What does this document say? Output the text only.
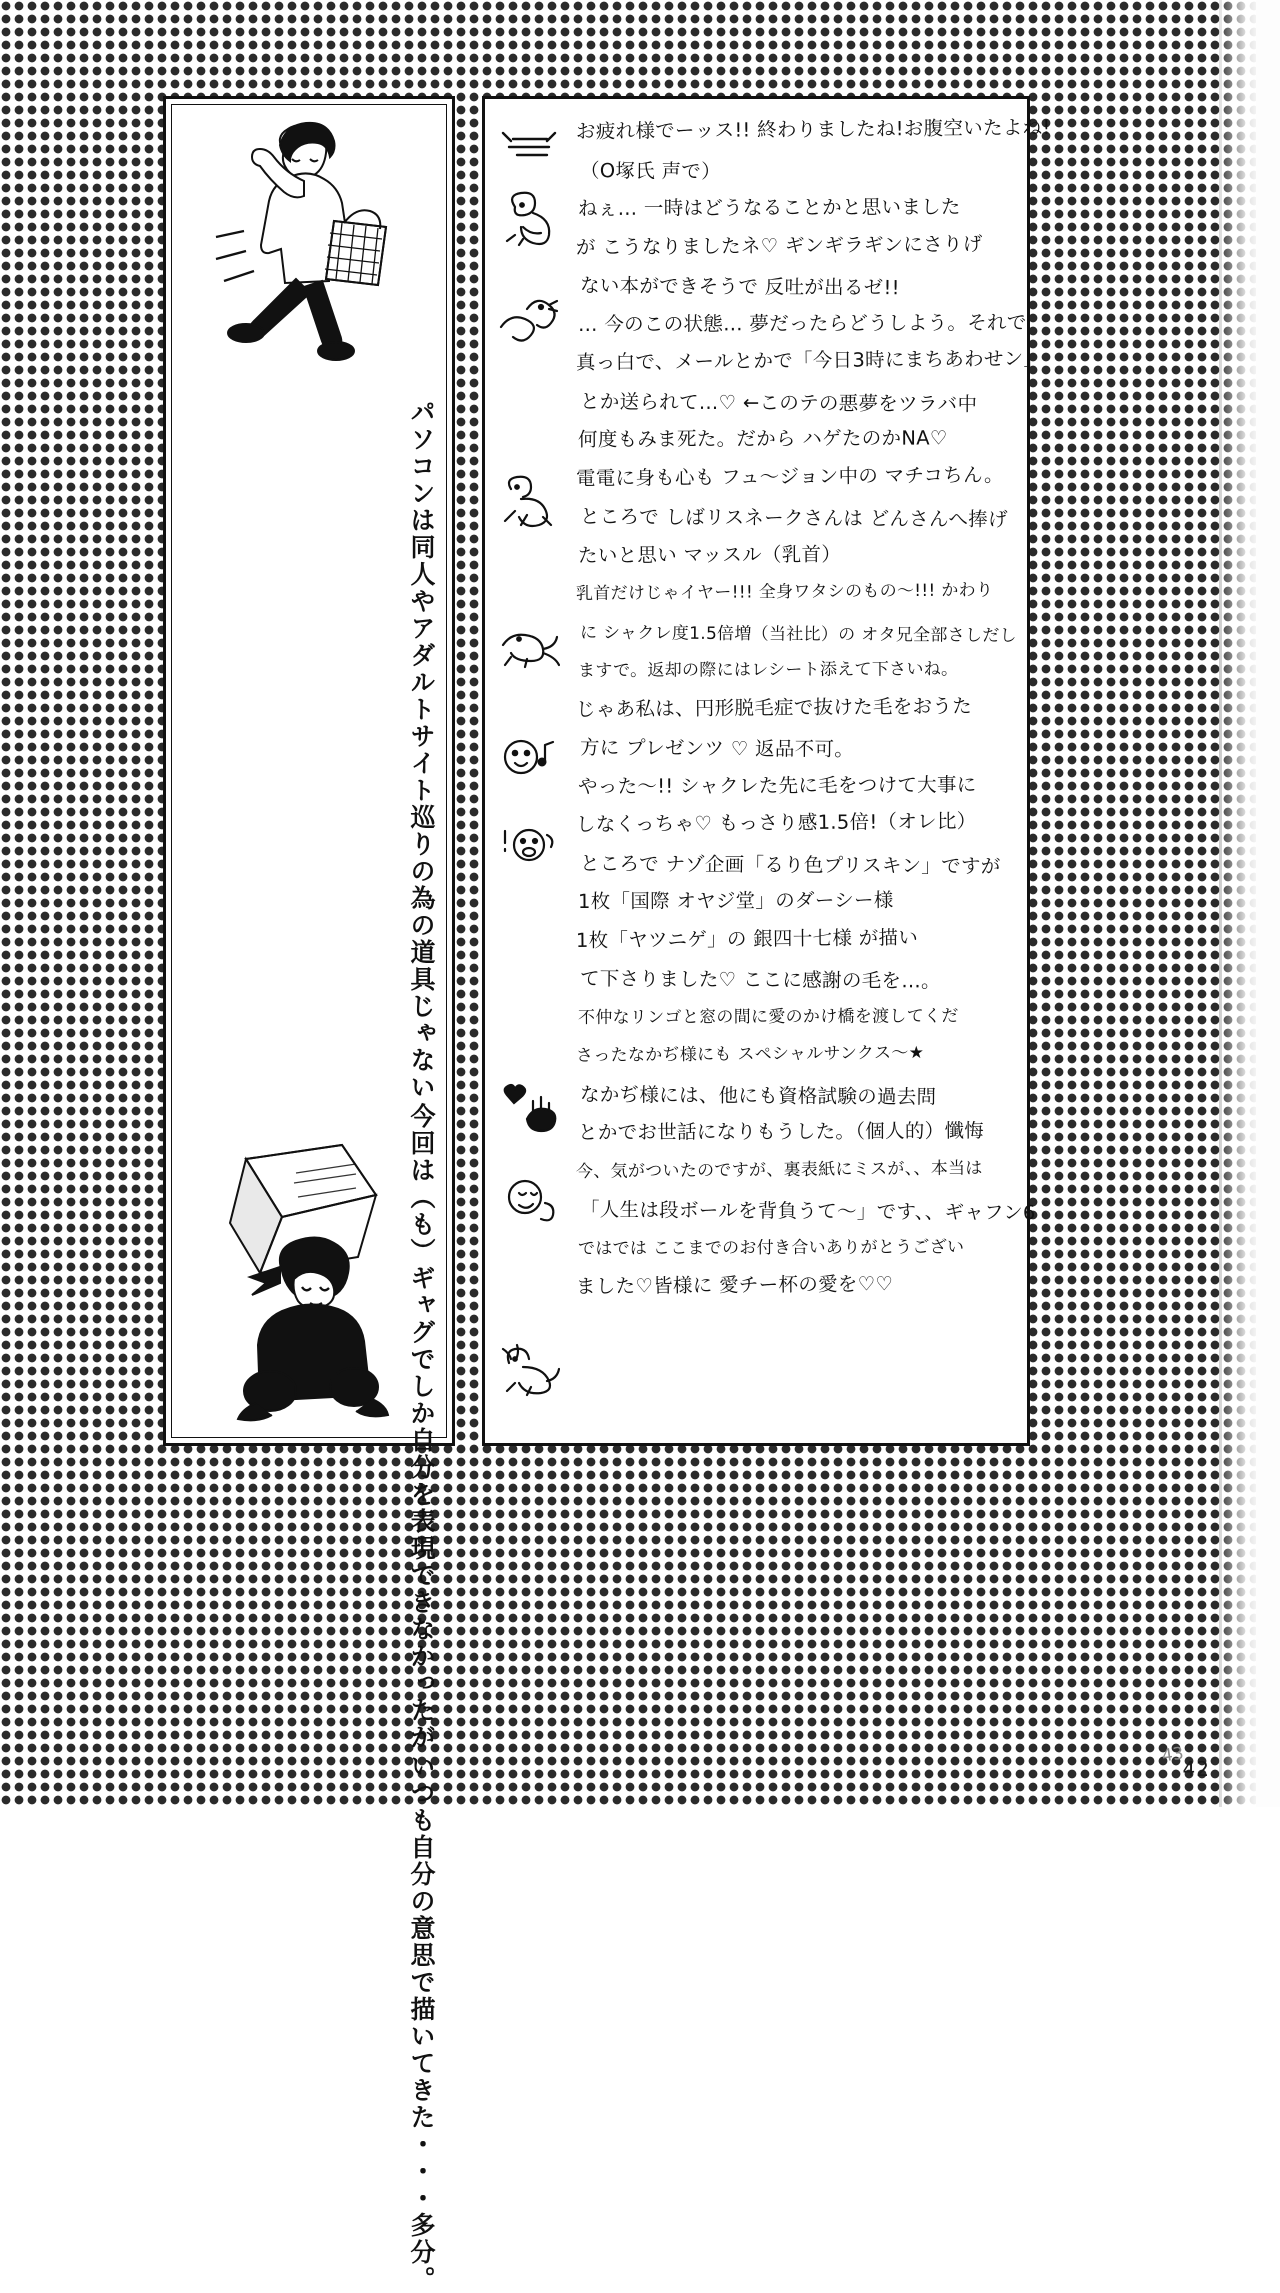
パソコンは同人やアダルトサイト巡りの為の道具じゃない
今回は（も）ギャグでしか自分を表現できなかったが
いつも自分の意思で描いてきた・・・多分。
お疲れ様でーッス!! 終わりましたね!お腹空いたよね!
（O塚氏 声で）
ねぇ… 一時はどうなることかと思いました
が こうなりましたネ♡ ギンギラギンにさりげ
ない本ができそうで 反吐が出るゼ!!
… 今のこの状態… 夢だったらどうしよう。それで
真っ白で、メールとかで「今日3時にまちあわせン」
とか送られて…♡ ←このテの悪夢をツラバ中
何度もみま死た。だから ハゲたのかNA♡
電電に身も心も フュ～ジョン中の マチコちん。
ところで しばリスネークさんは どんさんへ捧げ
たいと思い マッスル（乳首）
乳首だけじゃイヤー!!! 全身ワタシのもの～!!! かわり
に シャクレ度1.5倍増（当社比）の オタ兄全部さしだし
ますで。返却の際にはレシート添えて下さいね。
じゃあ私は、円形脱毛症で抜けた毛をおうた
方に プレゼンツ ♡ 返品不可。
やった～!! シャクレた先に毛をつけて大事に
しなくっちゃ♡ もっさり感1.5倍!（オレ比）
ところで ナゾ企画「るり色プリスキン」ですが
1枚「国際 オヤジ堂」のダーシー様
1枚「ヤツニゲ」の 銀四十七様 が描い
て下さりました♡ ここに感謝の毛を…。
不仲なリンゴと窓の間に愛のかけ橋を渡してくだ
さったなかぢ様にも スペシャルサンクス～★
なかぢ様には、他にも資格試験の過去問
とかでお世話になりもうした。（個人的）懺悔
今、気がついたのですが、裏表紙にミスが、、本当は
「人生は段ボールを背負うて～」です、、ギャフン6
ではでは ここまでのお付き合いありがとうござい
ました♡皆様に 愛チー杯の愛を♡♡
43
42
